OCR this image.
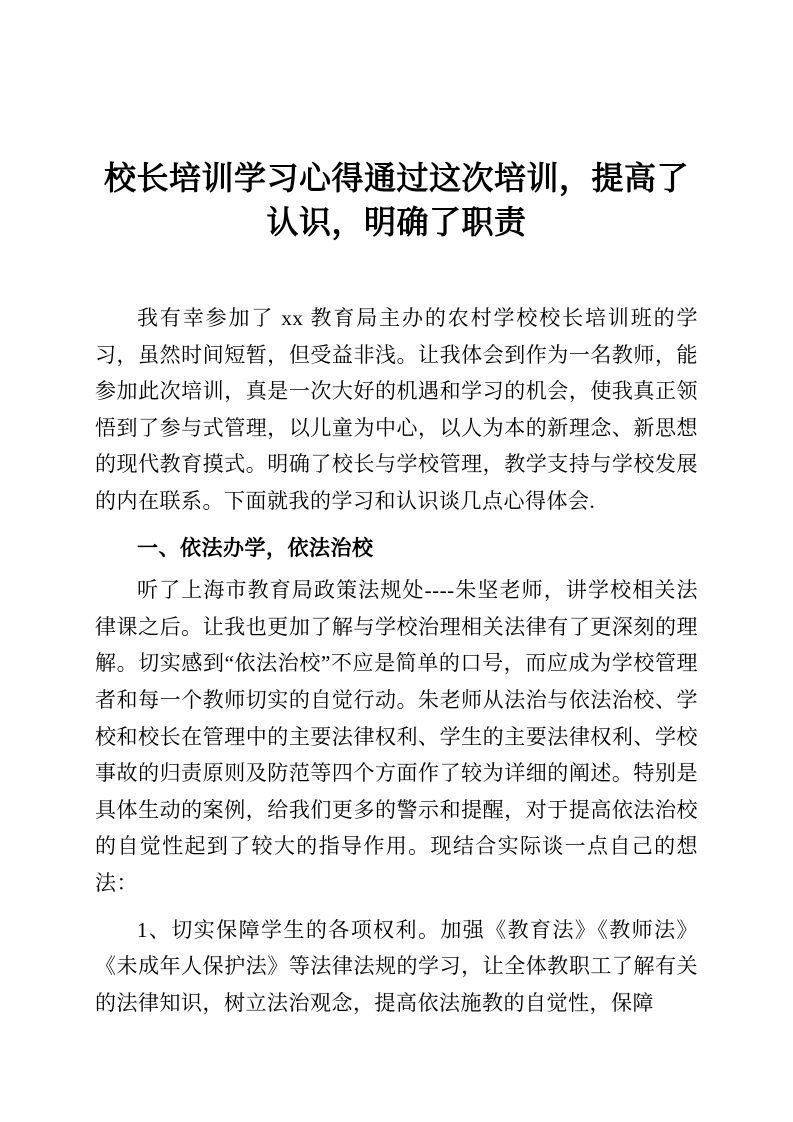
校长培训学习心得通过这次培训，提高了认识，明确了职责

我有幸参加了 xx 教育局主办的农村学校校长培训班的学习，虽然时间短暂，但受益非浅。让我体会到作为一名教师，能参加此次培训，真是一次大好的机遇和学习的机会，使我真正领悟到了参与式管理，以儿童为中心，以人为本的新理念、新思想的现代教育摸式。明确了校长与学校管理，教学支持与学校发展的内在联系。下面就我的学习和认识谈几点心得体会.

一、依法办学，依法治校

听了上海市教育局政策法规处----朱坚老师，讲学校相关法律课之后。让我也更加了解与学校治理相关法律有了更深刻的理解。切实感到“依法治校”不应是简单的口号，而应成为学校管理者和每一个教师切实的自觉行动。朱老师从法治与依法治校、学校和校长在管理中的主要法律权利、学生的主要法律权利、学校事故的归责原则及防范等四个方面作了较为详细的阐述。特别是具体生动的案例，给我们更多的警示和提醒，对于提高依法治校的自觉性起到了较大的指导作用。现结合实际谈一点自己的想法：

1、切实保障学生的各项权利。加强《教育法》《教师法》《未成年人保护法》等法律法规的学习，让全体教职工了解有关的法律知识，树立法治观念，提高依法施教的自觉性，保障
